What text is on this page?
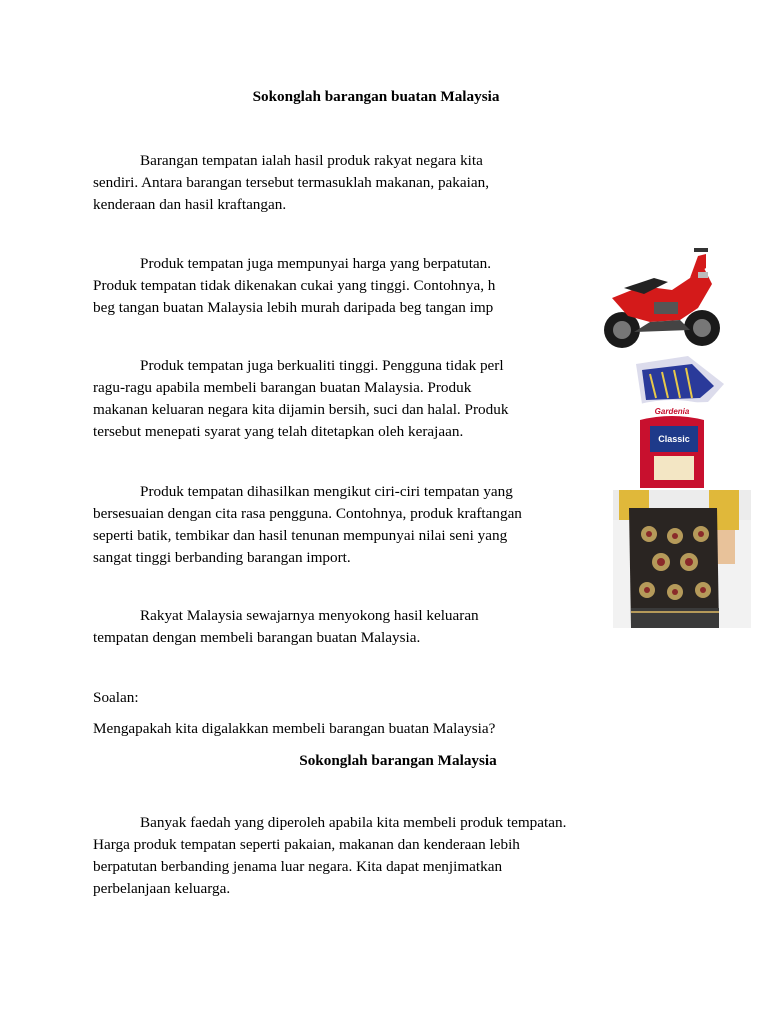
Sokonglah barangan buatan Malaysia
Barangan tempatan ialah hasil produk rakyat negara kita
sendiri. Antara barangan tersebut termasuklah makanan, pakaian,
kenderaan dan hasil kraftangan.
Produk tempatan juga mempunyai harga yang berpatutan.
Produk tempatan tidak dikenakan cukai yang tinggi. Contohnya, h
beg tangan buatan Malaysia lebih murah daripada beg tangan imp
Produk tempatan juga berkualiti tinggi. Pengguna tidak perl
ragu-ragu apabila membeli barangan buatan Malaysia. Produk
makanan keluaran negara kita dijamin bersih, suci dan halal. Produk
tersebut menepati syarat yang telah ditetapkan oleh kerajaan.
Produk tempatan dihasilkan mengikut ciri-ciri tempatan yang
bersesuaian dengan cita rasa pengguna. Contohnya, produk kraftangan
seperti batik, tembikar dan hasil tenunan mempunyai nilai seni yang
sangat tinggi berbanding barangan import.
Rakyat Malaysia sewajarnya menyokong hasil keluaran
tempatan dengan membeli barangan buatan Malaysia.
Soalan:
Mengapakah kita digalakkan membeli barangan buatan Malaysia?
Sokonglah barangan Malaysia
Banyak faedah yang diperoleh apabila kita membeli produk tempatan.
Harga produk tempatan seperti pakaian, makanan dan kenderaan lebih
berpatutan berbanding jenama luar negara. Kita dapat menjimatkan
perbelanjaan keluarga.
Gardenia
Classic
